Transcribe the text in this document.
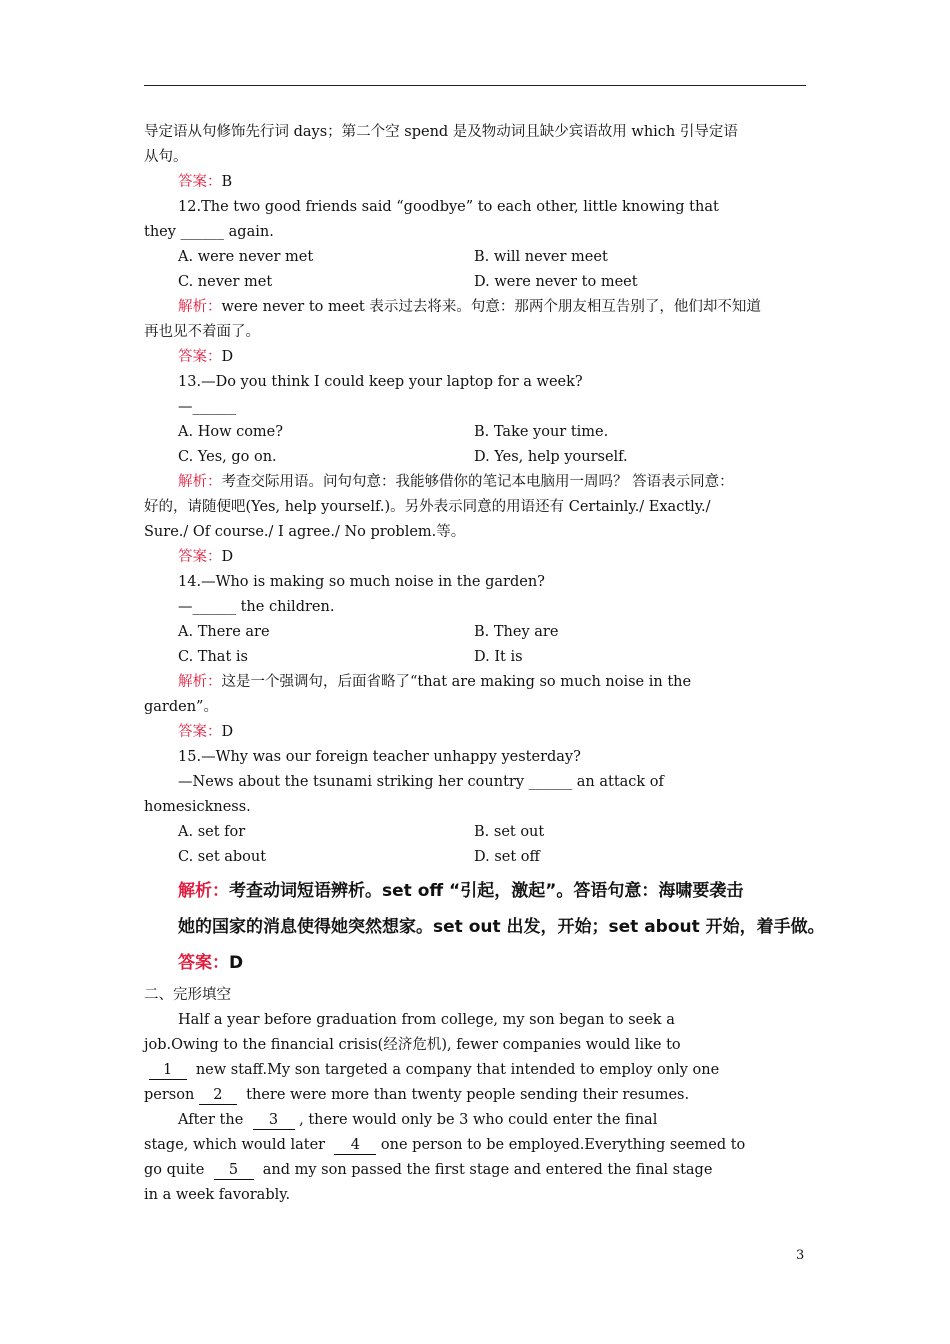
导定语从句修饰先行词 days；第二个空 spend 是及物动词且缺少宾语故用 which 引导定语
从句。
答案：B
12.The two good friends said “goodbye” to each other, little knowing that
they ______ again.
A. were never met	B. will never meet
C. never met	D. were never to meet
解析：were never to meet 表示过去将来。句意：那两个朋友相互告别了，他们却不知道
再也见不着面了。
答案：D
13.—Do you think I could keep your laptop for a week?
—______
A. How come?	B. Take your time.
C. Yes, go on.	D. Yes, help yourself.
解析：考查交际用语。问句句意：我能够借你的笔记本电脑用一周吗？ 答语表示同意：
好的，请随便吧(Yes, help yourself.)。另外表示同意的用语还有 Certainly./ Exactly./
Sure./ Of course./ I agree./ No problem.等。
答案：D
14.—Who is making so much noise in the garden?
—______ the children.
A. There are	B. They are
C. That is	D. It is
解析：这是一个强调句，后面省略了“that are making so much noise in the
garden”。
答案：D
15.—Why was our foreign teacher unhappy yesterday?
—News about the tsunami striking her country ______ an attack of
homesickness.
A. set for	B. set out
C. set about	D. set off
解析：考查动词短语辨析。set off “引起，激起”。答语句意：海啸要袭击
她的国家的消息使得她突然想家。set out 出发，开始；set about 开始，着手做。
答案：D
二、完形填空
Half a year before graduation from college, my son began to seek a
job.Owing to the financial crisis(经济危机), fewer companies would like to
1 new staff.My son targeted a company that intended to employ only one
person 2 there were more than twenty people sending their resumes.
After the 3 , there would only be 3 who could enter the final
stage, which would later 4 one person to be employed.Everything seemed to
go quite 5 and my son passed the first stage and entered the final stage
in a week favorably.
3
